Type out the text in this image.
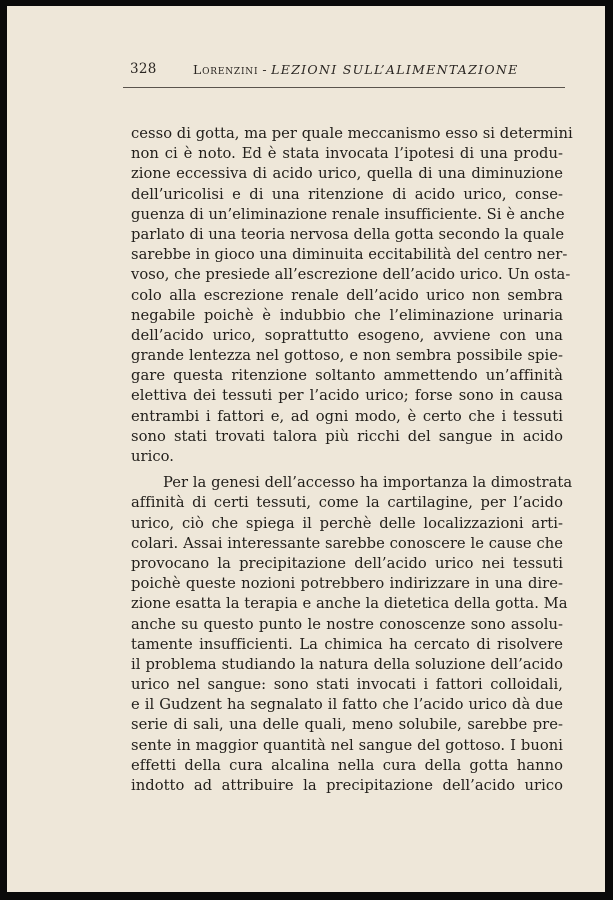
328	Lorenzini - LEZIONI SULL’ALIMENTAZIONE
cesso di gotta, ma per quale meccanismo esso si determini
non ci è noto. Ed è stata invocata l’ipotesi di una produ-
zione eccessiva di acido urico, quella di una diminuzione
dell’uricolisi e di una ritenzione di acido urico, conse-
guenza di un’eliminazione renale insufficiente. Si è anche
parlato di una teoria nervosa della gotta secondo la quale
sarebbe in gioco una diminuita eccitabilità del centro ner-
voso, che presiede all’escrezione dell’acido urico. Un osta-
colo alla escrezione renale dell’acido urico non sembra
negabile poichè è indubbio che l’eliminazione urinaria
dell’acido urico, soprattutto esogeno, avviene con una
grande lentezza nel gottoso, e non sembra possibile spie-
gare questa ritenzione soltanto ammettendo un’affinità
elettiva dei tessuti per l’acido urico; forse sono in causa
entrambi i fattori e, ad ogni modo, è certo che i tessuti
sono stati trovati talora più ricchi del sangue in acido
urico.
Per la genesi dell’accesso ha importanza la dimostrata
affinità di certi tessuti, come la cartilagine, per l’acido
urico, ciò che spiega il perchè delle localizzazioni arti-
colari. Assai interessante sarebbe conoscere le cause che
provocano la precipitazione dell’acido urico nei tessuti
poichè queste nozioni potrebbero indirizzare in una dire-
zione esatta la terapia e anche la dietetica della gotta. Ma
anche su questo punto le nostre conoscenze sono assolu-
tamente insufficienti. La chimica ha cercato di risolvere
il problema studiando la natura della soluzione dell’acido
urico nel sangue: sono stati invocati i fattori colloidali,
e il Gudzent ha segnalato il fatto che l’acido urico dà due
serie di sali, una delle quali, meno solubile, sarebbe pre-
sente in maggior quantità nel sangue del gottoso. I buoni
effetti della cura alcalina nella cura della gotta hanno
indotto ad attribuire la precipitazione dell’acido urico
